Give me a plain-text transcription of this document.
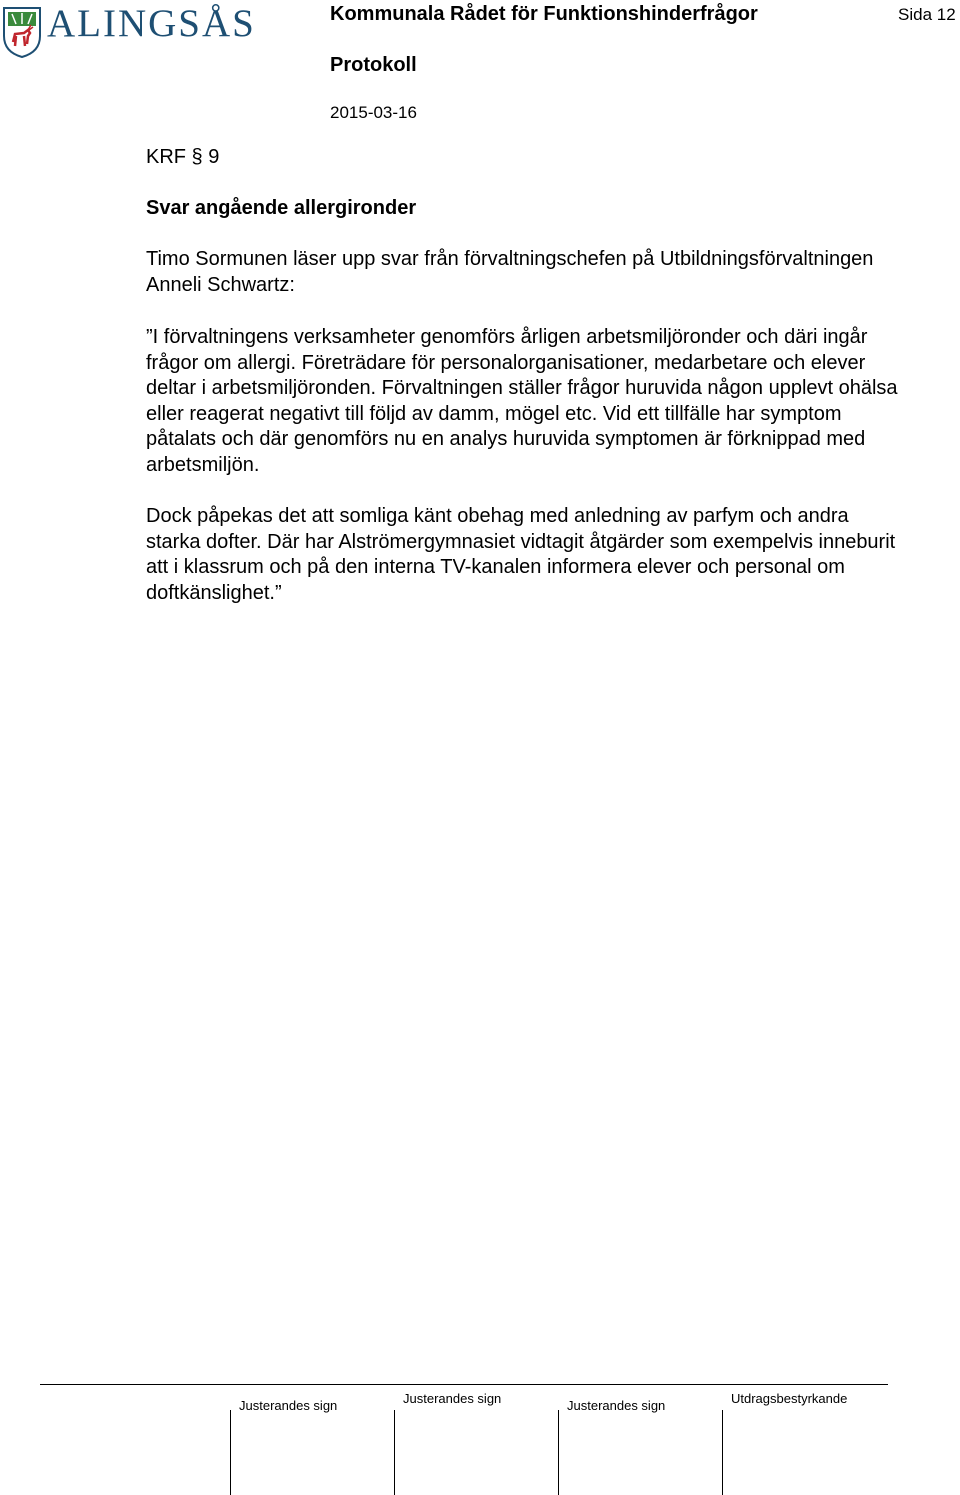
ALINGSÅS	Kommunala Rådet för Funktionshinderfrågor	Sida 12
Protokoll
2015-03-16
KRF § 9
Svar angående allergironder
Timo Sormunen läser upp svar från förvaltningschefen på Utbildningsförvaltningen Anneli Schwartz:
”I förvaltningens verksamheter genomförs årligen arbetsmiljöronder och däri ingår frågor om allergi. Företrädare för personalorganisationer, medarbetare och elever deltar i arbetsmiljöronden. Förvaltningen ställer frågor huruvida någon upplevt ohälsa eller reagerat negativt till följd av damm, mögel etc. Vid ett tillfälle har symptom påtalats och där genomförs nu en analys huruvida symptomen är förknippad med arbetsmiljön.
Dock påpekas det att somliga känt obehag med anledning av parfym och andra starka dofter. Där har Alströmergymnasiet vidtagit åtgärder som exempelvis inneburit att i klassrum och på den interna TV-kanalen informera elever och personal om doftkänslighet.”
Justerandes sign	Justerandes sign	Justerandes sign	Utdragsbestyrkande
